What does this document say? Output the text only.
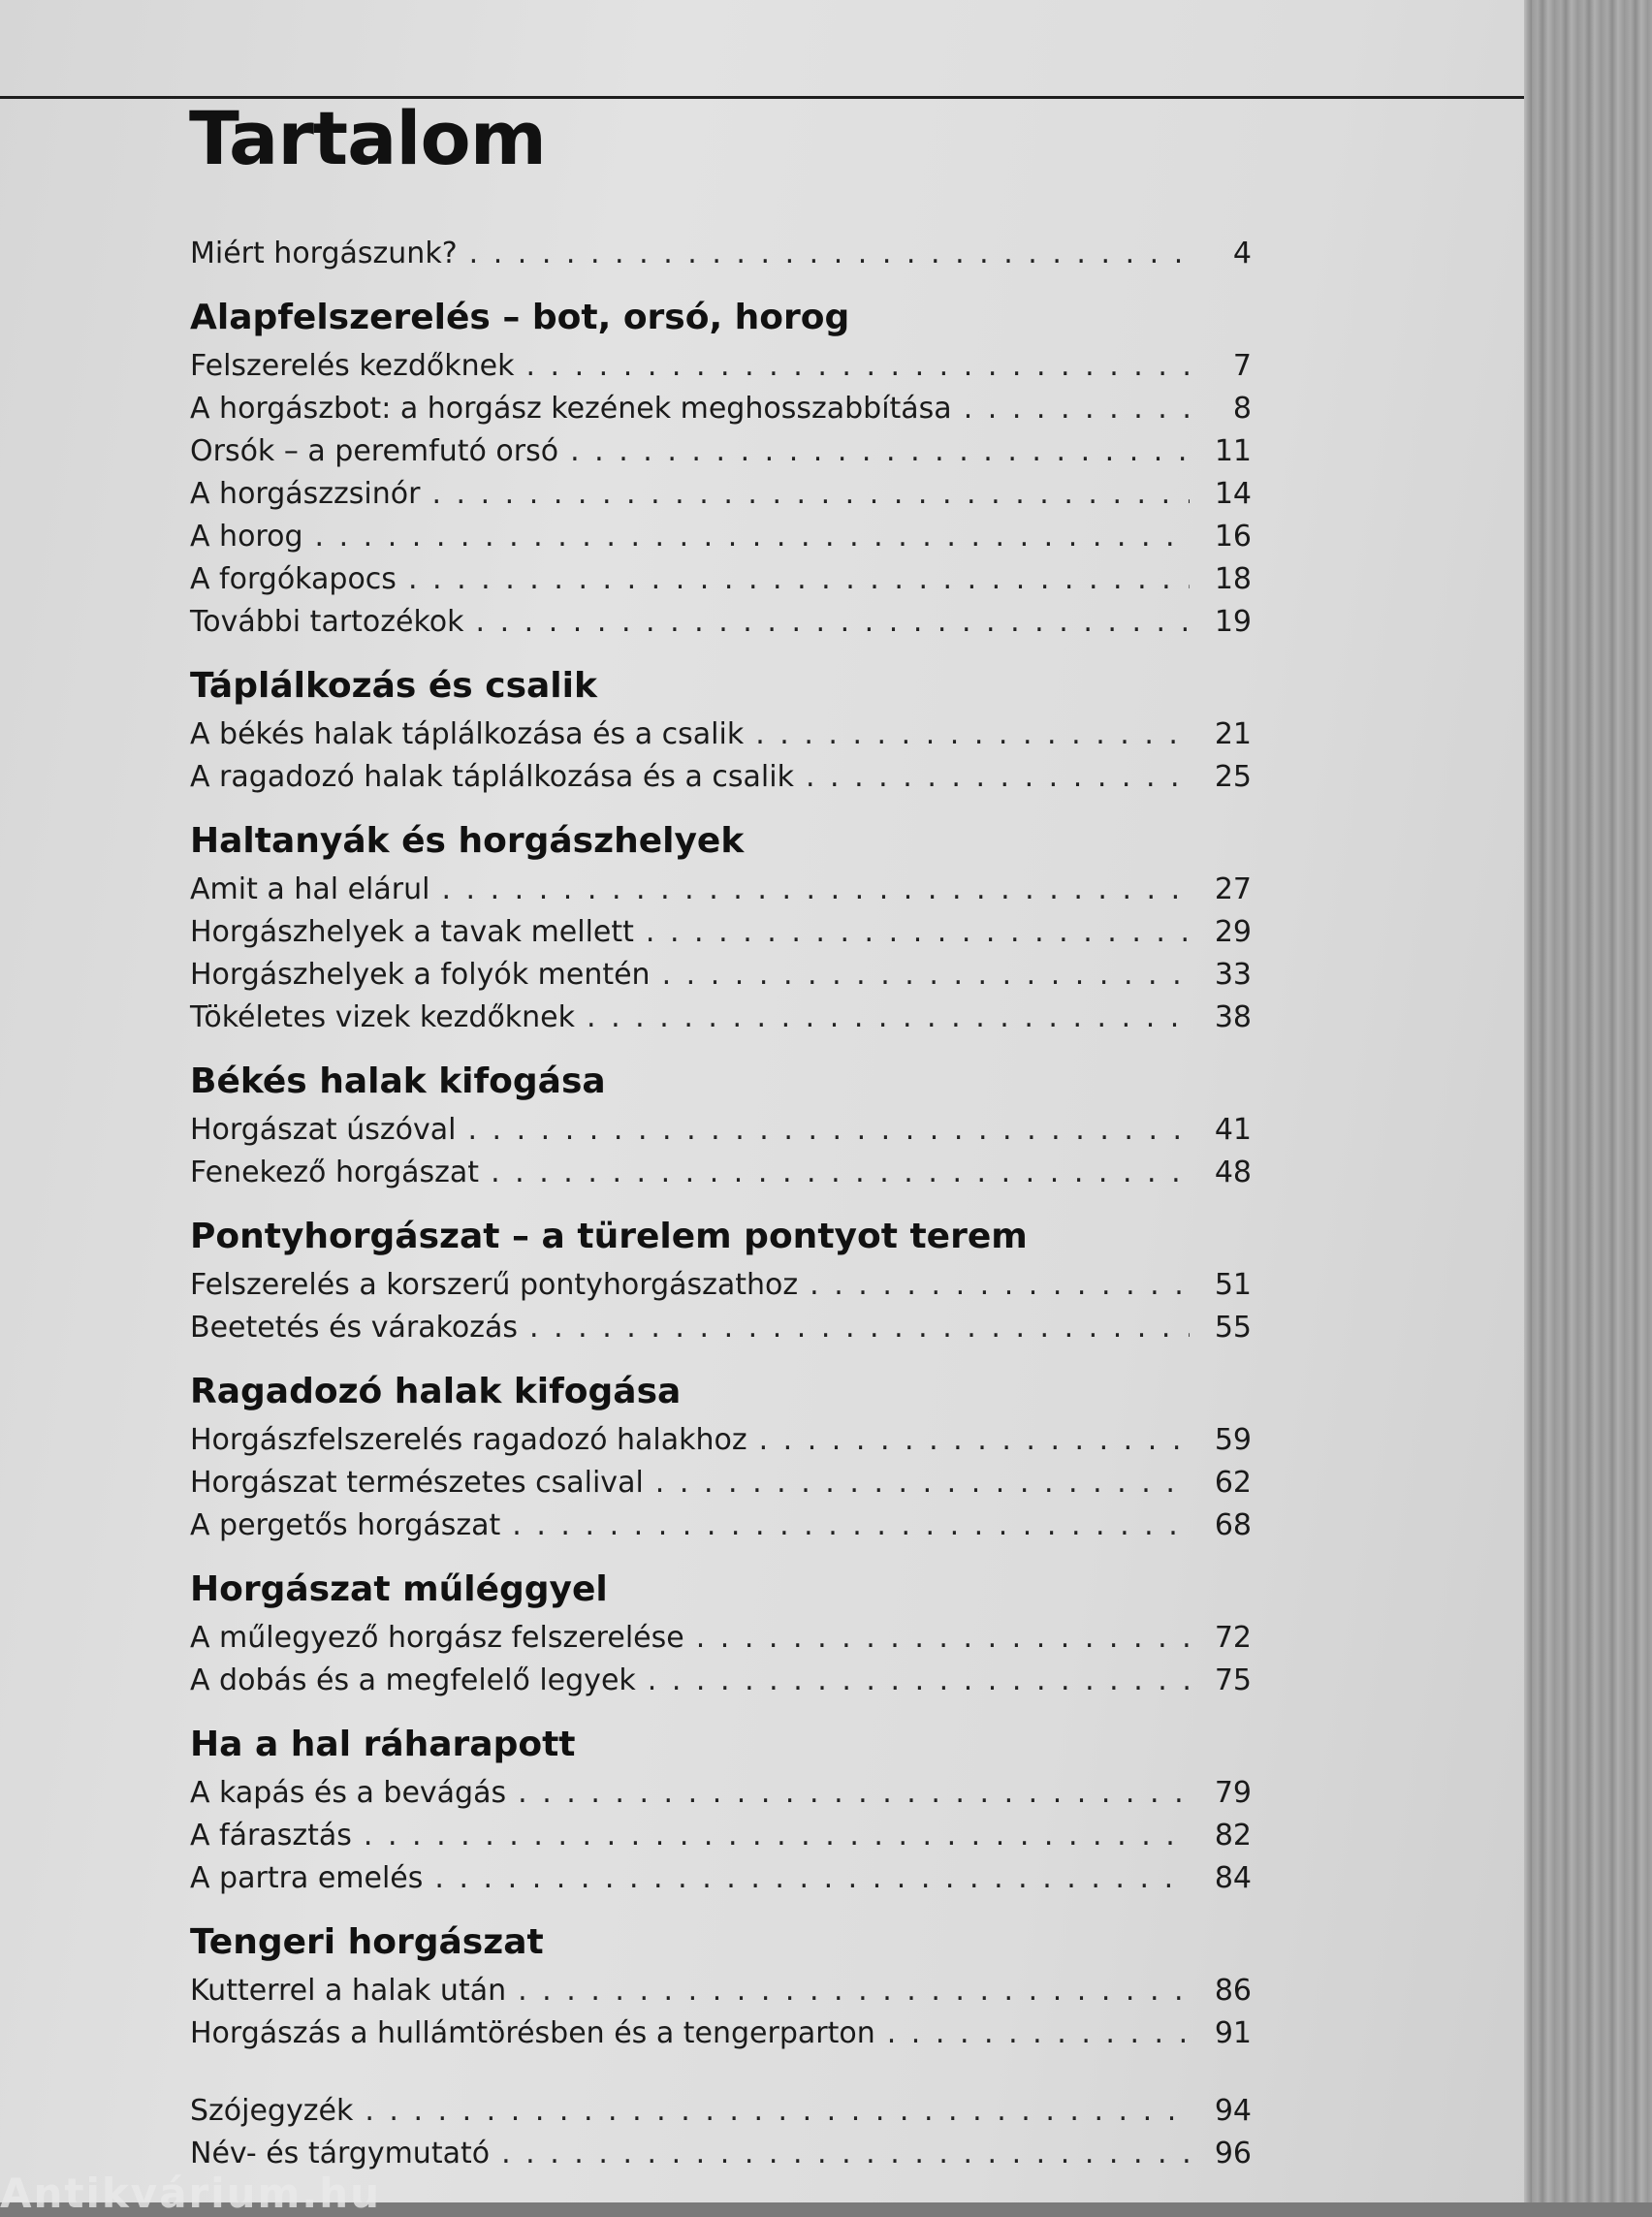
Tartalom
Miért horgászunk? . . .	4
Alapfelszerelés – bot, orsó, horog
Felszerelés kezdőknek . . .	7
A horgászbot: a horgász kezének meghosszabbítása . . .	8
Orsók – a peremfutó orsó . . .	11
A horgászzsinór . . .	14
A horog . . .	16
A forgókapocs . . .	18
További tartozékok . . .	19
Táplálkozás és csalik
A békés halak táplálkozása és a csalik . . .	21
A ragadozó halak táplálkozása és a csalik . . .	25
Haltanyák és horgászhelyek
Amit a hal elárul . . .	27
Horgászhelyek a tavak mellett . . .	29
Horgászhelyek a folyók mentén . . .	33
Tökéletes vizek kezdőknek . . .	38
Békés halak kifogása
Horgászat úszóval . . .	41
Fenekező horgászat . . .	48
Pontyhorgászat – a türelem pontyot terem
Felszerelés a korszerű pontyhorgászathoz . . .	51
Beetetés és várakozás . . .	55
Ragadozó halak kifogása
Horgászfelszerelés ragadozó halakhoz . . .	59
Horgászat természetes csalival . . .	62
A pergetős horgászat . . .	68
Horgászat műléggyel
A műlegyező horgász felszerelése . . .	72
A dobás és a megfelelő legyek . . .	75
Ha a hal ráharapott
A kapás és a bevágás . . .	79
A fárasztás . . .	82
A partra emelés . . .	84
Tengeri horgászat
Kutterrel a halak után . . .	86
Horgászás a hullámtörésben és a tengerparton . . .	91
Szójegyzék . . .	94
Név- és tárgymutató . . .	96
Antikvárium.hu
